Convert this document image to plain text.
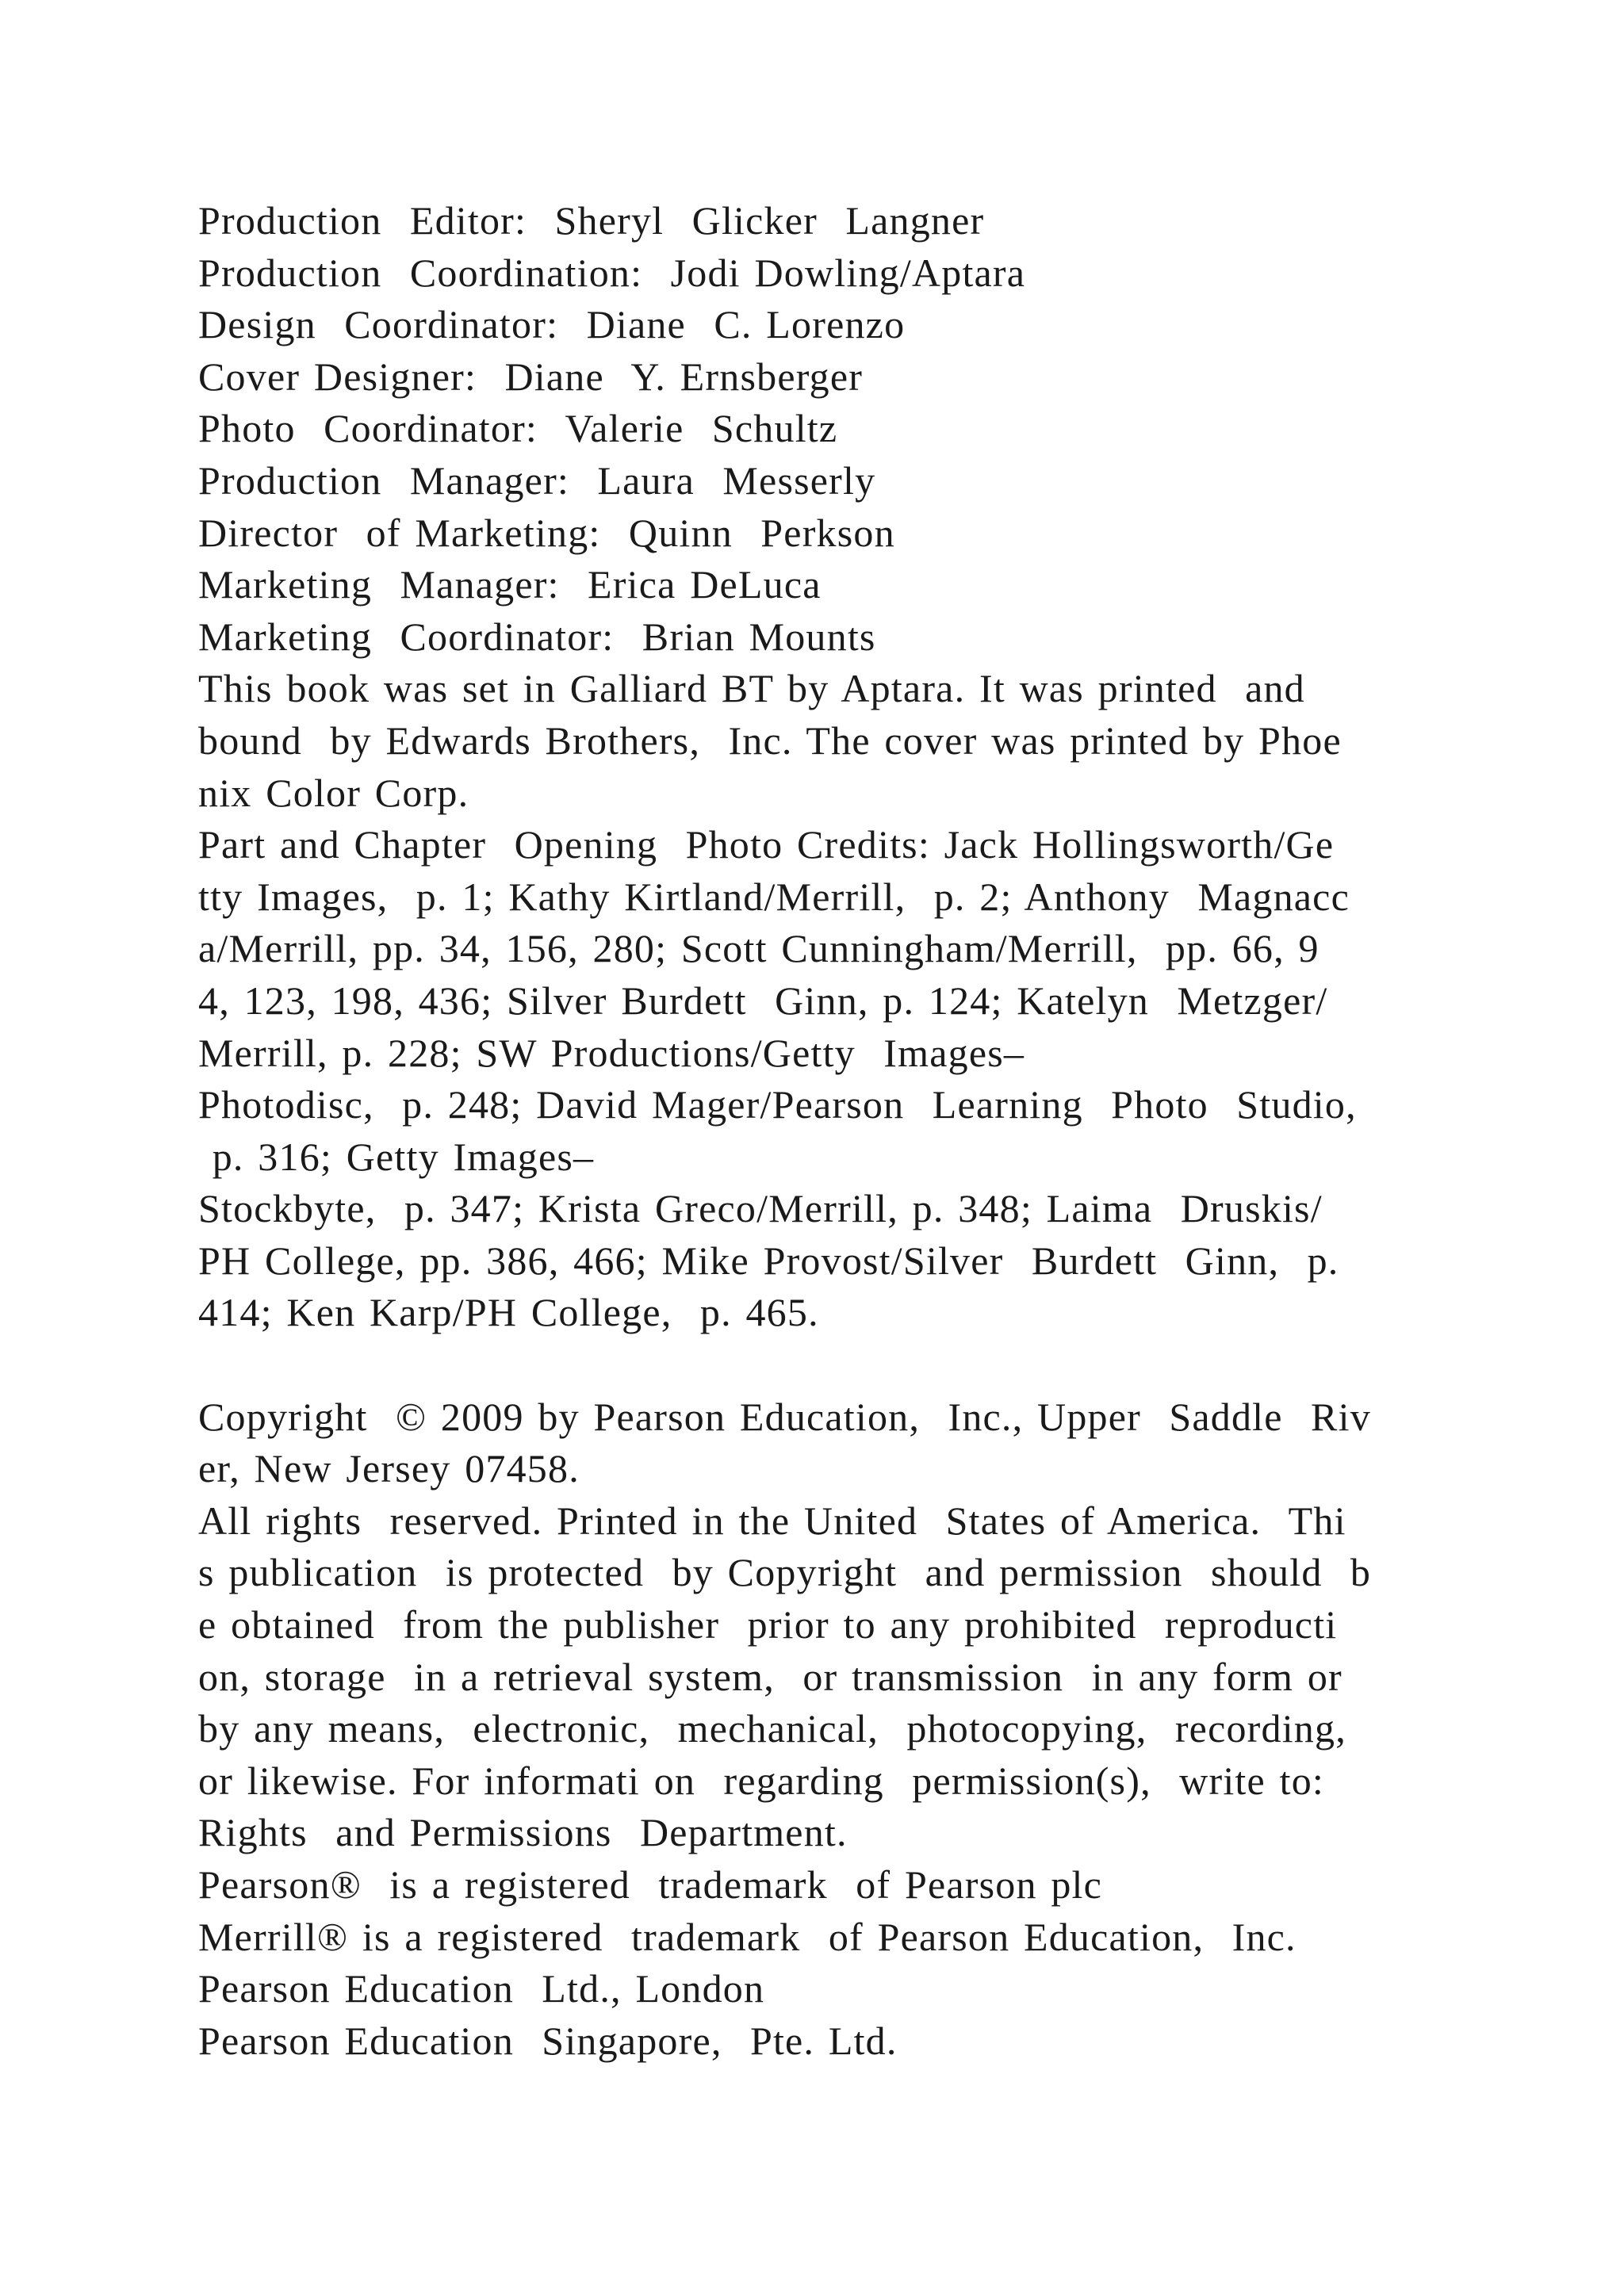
Production  Editor:  Sheryl  Glicker  Langner
Production  Coordination:  Jodi Dowling/Aptara
Design  Coordinator:  Diane  C. Lorenzo
Cover Designer:  Diane  Y. Ernsberger
Photo  Coordinator:  Valerie  Schultz
Production  Manager:  Laura  Messerly
Director  of Marketing:  Quinn  Perkson
Marketing  Manager:  Erica DeLuca
Marketing  Coordinator:  Brian Mounts
This book was set in Galliard BT by Aptara. It was printed  and
bound  by Edwards Brothers,  Inc. The cover was printed by Phoe
nix Color Corp.
Part and Chapter  Opening  Photo Credits: Jack Hollingsworth/Ge
tty Images,  p. 1; Kathy Kirtland/Merrill,  p. 2; Anthony  Magnacc
a/Merrill, pp. 34, 156, 280; Scott Cunningham/Merrill,  pp. 66, 9
4, 123, 198, 436; Silver Burdett  Ginn, p. 124; Katelyn  Metzger/
Merrill, p. 228; SW Productions/Getty  Images–
Photodisc,  p. 248; David Mager/Pearson  Learning  Photo  Studio,
p. 316; Getty Images–
Stockbyte,  p. 347; Krista Greco/Merrill, p. 348; Laima  Druskis/
PH College, pp. 386, 466; Mike Provost/Silver  Burdett  Ginn,  p.
414; Ken Karp/PH College,  p. 465.
Copyright  © 2009 by Pearson Education,  Inc., Upper  Saddle  Riv
er, New Jersey 07458.
All rights  reserved. Printed in the United  States of America.  Thi
s publication  is protected  by Copyright  and permission  should  b
e obtained  from the publisher  prior to any prohibited  reproducti
on, storage  in a retrieval system,  or transmission  in any form or
by any means,  electronic,  mechanical,  photocopying,  recording,
or likewise. For informati on  regarding  permission(s),  write to:
Rights  and Permissions  Department.
Pearson®  is a registered  trademark  of Pearson plc
Merrill® is a registered  trademark  of Pearson Education,  Inc.
Pearson Education  Ltd., London
Pearson Education  Singapore,  Pte. Ltd.
